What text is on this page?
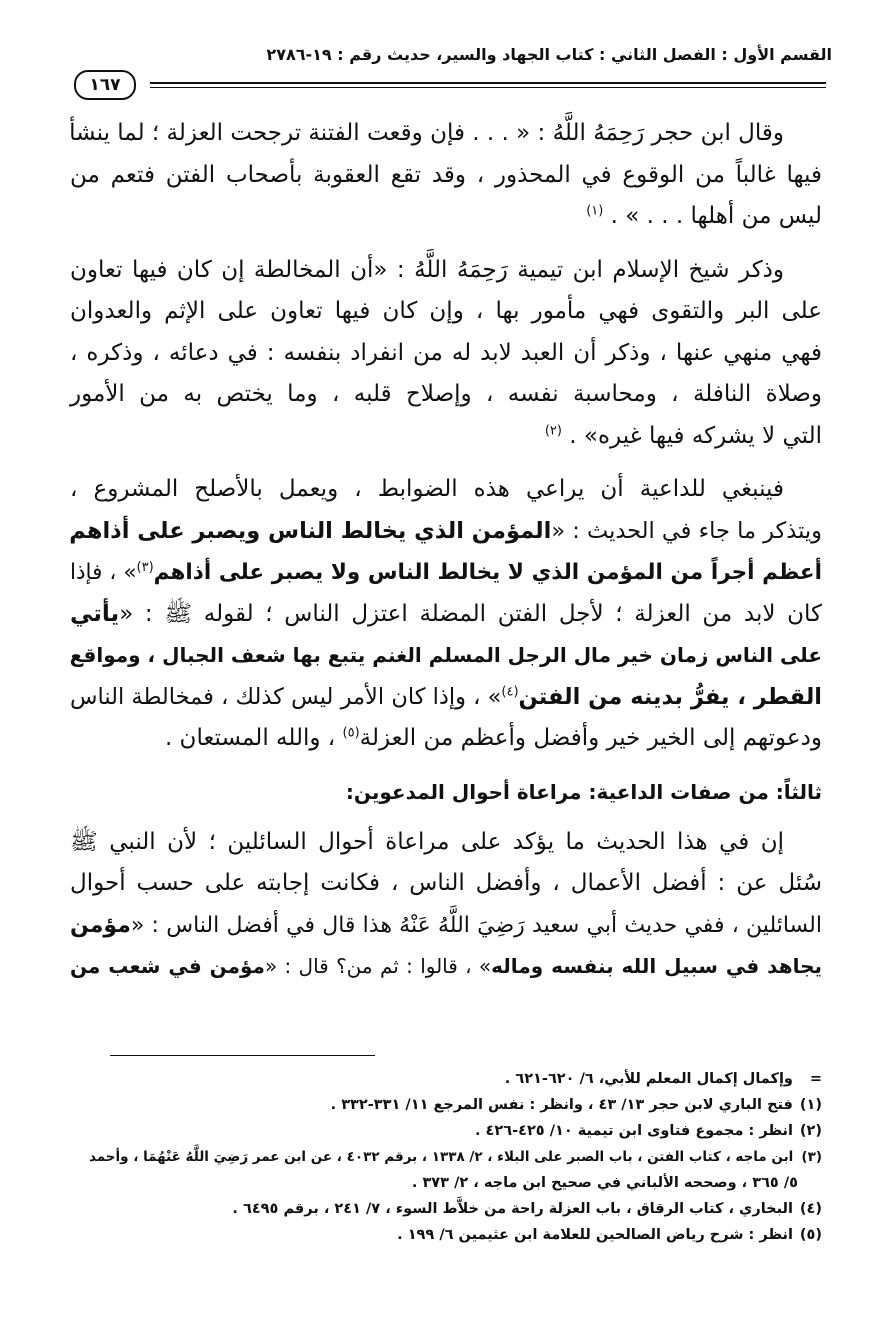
القسم الأول : الفصل الثاني : كتاب الجهاد والسير، حديث رقم : ١٩-٢٧٨٦
١٦٧
وقال ابن حجر رَحِمَهُ اللَّهُ : « . . . فإن وقعت الفتنة ترجحت العزلة ؛ لما ينشأ
فيها غالباً من الوقوع في المحذور ، وقد تقع العقوبة بأصحاب الفتن فتعم من
ليس من أهلها . . . » . $^{(١)}$
وذكر شيخ الإسلام ابن تيمية رَحِمَهُ اللَّهُ : «أن المخالطة إن كان فيها تعاون
على البر والتقوى فهي مأمور بها ، وإن كان فيها تعاون على الإثم والعدوان
فهي منهي عنها ، وذكر أن العبد لابد له من انفراد بنفسه : في دعائه ، وذكره ،
وصلاة النافلة ، ومحاسبة نفسه ، وإصلاح قلبه ، وما يختص به من الأمور
التي لا يشركه فيها غيره» . $^{(٢)}$
فينبغي للداعية أن يراعي هذه الضوابط ، ويعمل بالأصلح المشروع ،
ويتذكر ما جاء في الحديث : «المؤمن الذي يخالط الناس ويصبر على أذاهم
أعظم أجراً من المؤمن الذي لا يخالط الناس ولا يصبر على أذاهم$^{(٣)}$» ، فإذا
كان لابد من العزلة ؛ لأجل الفتن المضلة اعتزل الناس ؛ لقوله ﷺ : «يأتي
على الناس زمان خير مال الرجل المسلم الغنم يتبع بها شعف الجبال ، ومواقع
القطر ، يفرُّ بدينه من الفتن$^{(٤)}$» ، وإذا كان الأمر ليس كذلك ، فمخالطة الناس
ودعوتهم إلى الخير خير وأفضل وأعظم من العزلة$^{(٥)}$ ، والله المستعان .
ثالثاً: من صفات الداعية: مراعاة أحوال المدعوين:
إن في هذا الحديث ما يؤكد على مراعاة أحوال السائلين ؛ لأن النبي ﷺ
سُئل عن : أفضل الأعمال ، وأفضل الناس ، فكانت إجابته على حسب أحوال
السائلين ، ففي حديث أبي سعيد رَضِيَ اللَّهُ عَنْهُ هذا قال في أفضل الناس : «مؤمن
يجاهد في سبيل الله بنفسه وماله» ، قالوا : ثم من؟ قال : «مؤمن في شعب من
= وإكمال إكمال المعلم للأبي، ٦/ ٦٢٠-٦٢١ .
(١) فتح الباري لابن حجر ١٣/ ٤٣ ، وانظر : نفس المرجع ١١/ ٣٣١-٣٣٢ .
(٢) انظر : مجموع فتاوى ابن تيمية ١٠/ ٤٢٥-٤٢٦ .
(٣) ابن ماجه ، كتاب الفتن ، باب الصبر على البلاء ، ٢/ ١٣٣٨ ، برقم ٤٠٣٢ ، عن ابن عمر رَضِيَ اللَّهُ عَنْهُمَا ، وأحمد
٥/ ٣٦٥ ، وصححه الألباني في صحيح ابن ماجه ، ٢/ ٣٧٣ .
(٤) البخاري ، كتاب الرقاق ، باب العزلة راحة من خلاَّط السوء ، ٧/ ٢٤١ ، برقم ٦٤٩٥ .
(٥) انظر : شرح رياض الصالحين للعلامة ابن عثيمين ٦/ ١٩٩ .
